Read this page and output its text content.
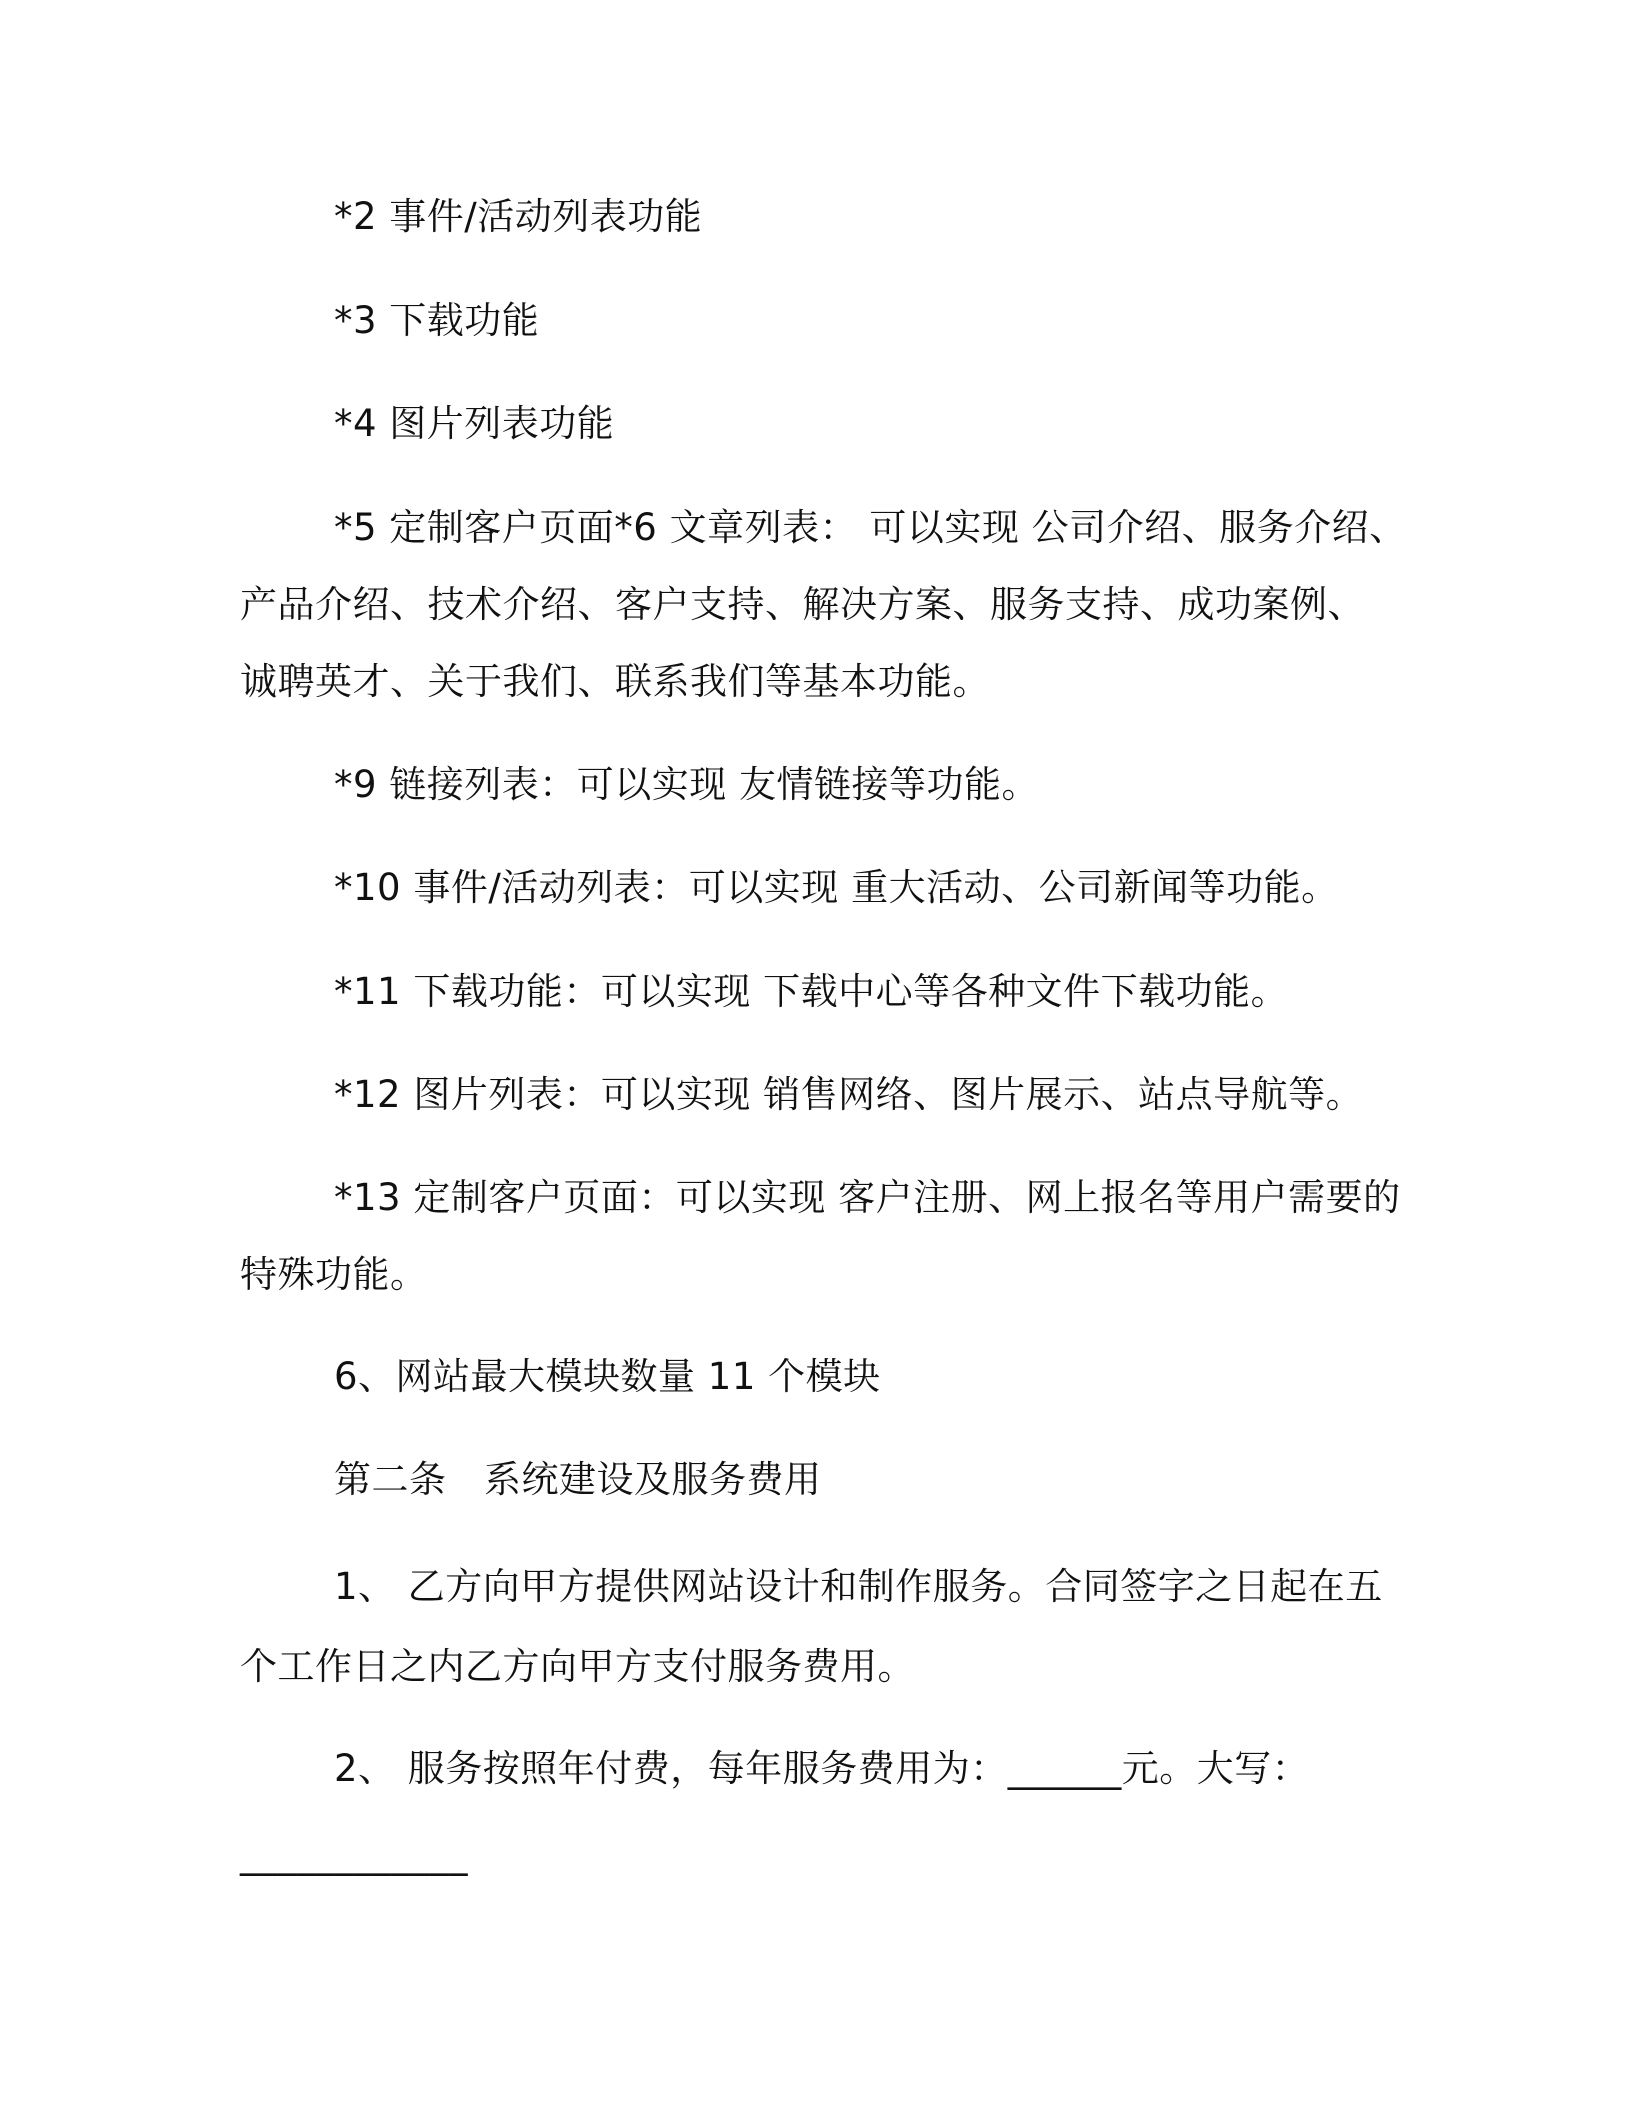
*2 事件/活动列表功能
*3 下载功能
*4 图片列表功能
*5 定制客户页面*6 文章列表： 可以实现 公司介绍、服务介绍、
产品介绍、技术介绍、客户支持、解决方案、服务支持、成功案例、
诚聘英才、关于我们、联系我们等基本功能。
*9 链接列表：可以实现 友情链接等功能。
*10 事件/活动列表：可以实现 重大活动、公司新闻等功能。
*11 下载功能：可以实现 下载中心等各种文件下载功能。
*12 图片列表：可以实现 销售网络、图片展示、站点导航等。
*13 定制客户页面：可以实现 客户注册、网上报名等用户需要的
特殊功能。
6、网站最大模块数量 11 个模块
第二条　系统建设及服务费用
1、 乙方向甲方提供网站设计和制作服务。合同签字之日起在五
个工作日之内乙方向甲方支付服务费用。
2、 服务按照年付费，每年服务费用为：______元。大写：
____________
